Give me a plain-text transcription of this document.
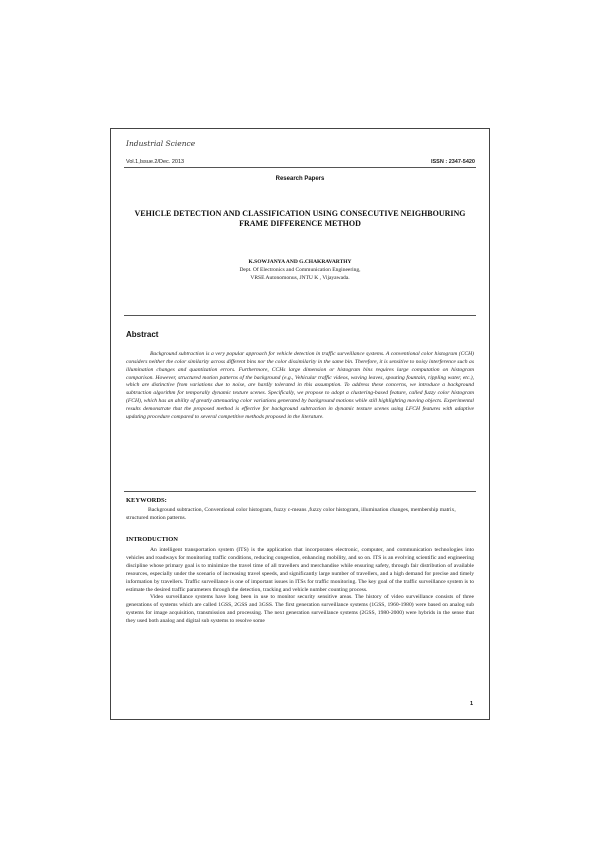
Industrial Science
Vol.1,Issue.2/Dec. 2013	ISSN : 2347-5420
Research Papers
VEHICLE DETECTION AND CLASSIFICATION USING CONSECUTIVE NEIGHBOURING FRAME DIFFERENCE METHOD
K.SOWJANYA AND G.CHAKRAVARTHY
Dept. Of Electronics and Communication Engineering,
VRSE Autonomonus, JNTU K , Vijayawada.
Abstract
Background subtraction is a very popular approach for vehicle detection in traffic surveillance systems. A conventional color histogram (CCH) considers neither the color similarity across different bins nor the color dissimilarity in the same bin. Therefore, it is sensitive to noisy interference such as illumination changes and quantization errors. Furthermore, CCHs large dimension or histogram bins requires large computation on histogram comparison. However, structured motion patterns of the background (e.g., Vehicular traffic videos, waving leaves, spouting fountain, rippling water, etc.), which are distinctive from variations due to noise, are hardly tolerated in this assumption. To address these concerns, we introduce a background subtraction algorithm for temporally dynamic texture scenes. Specifically, we propose to adopt a clustering-based feature, called fuzzy color histogram (FCH), which has an ability of greatly attenuating color variations generated by background motions while still highlighting moving objects. Experimental results demonstrate that the proposed method is effective for background subtraction in dynamic texture scenes using LFCH features with adaptive updating procedure compared to several competitive methods proposed in the literature.
KEYWORDS:
Background subtraction, Conventional color histogram, fuzzy c-means ,fuzzy color histogram, illumination changes, membership matrix, structured motion patterns.
INTRODUCTION

An intelligent transportation system (ITS) is the application that incorporates electronic, computer, and communication technologies into vehicles and roadways for monitoring traffic conditions, reducing congestion, enhancing mobility, and so on. ITS is an evolving scientific and engineering discipline whose primary goal is to minimize the travel time of all travellers and merchandise while ensuring safety, through fair distribution of available resources, especially under the scenario of increasing travel speeds, and significantly large number of travellers, and a high demand for precise and timely information by travellers. Traffic surveillance is one of important issues in ITSs for traffic monitoring. The key goal of the traffic surveillance system is to estimate the desired traffic parameters through the detection, tracking and vehicle number counting process.

Video surveillance systems have long been in use to monitor security sensitive areas. The history of video surveillance consists of three generations of systems which are called 1GSS, 2GSS and 3GSS. The first generation surveillance systems (1GSS, 1960-1980) were based on analog sub systems for image acquisition, transmission and processing. The next generation surveillance systems (2GSS, 1980-2000) were hybrids in the sense that they used both analog and digital sub systems to resolve some

1
